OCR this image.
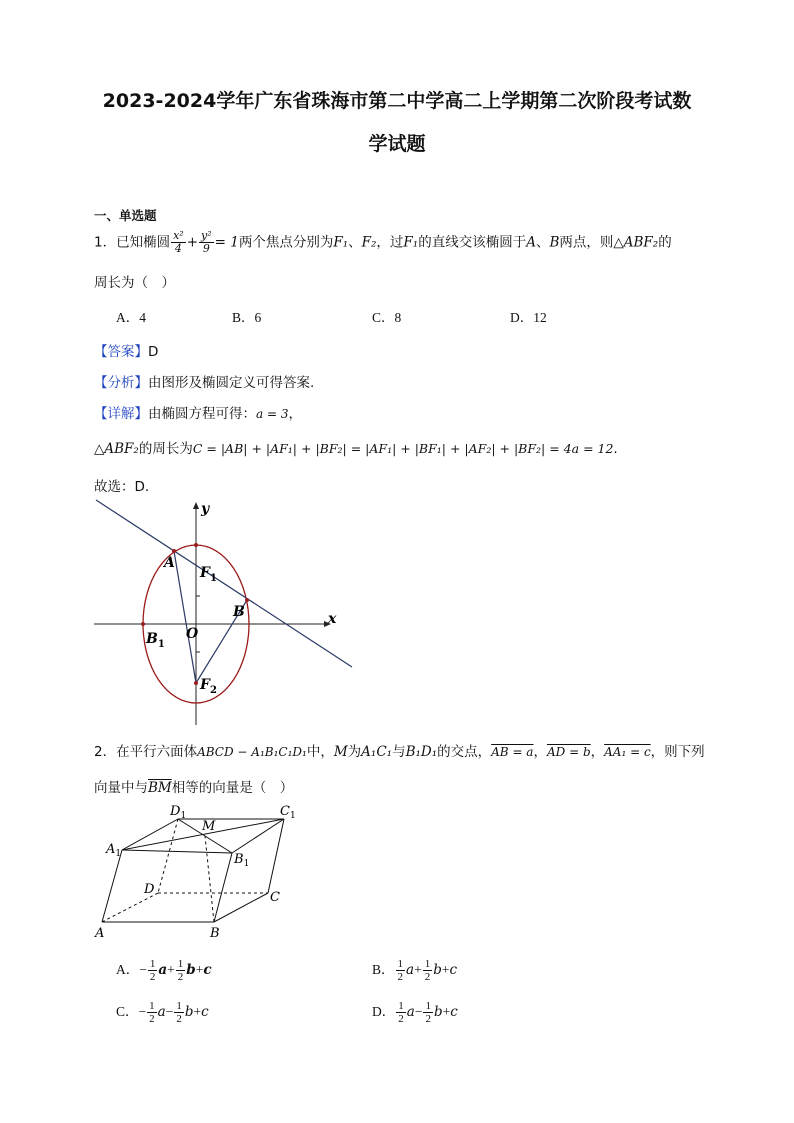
2023-2024学年广东省珠海市第二中学高二上学期第二次阶段考试数
学试题
一、单选题
1．已知椭圆 $\frac{\text{x²}}{4} + \frac{\text{y²}}{9} = 1$两个焦点分别为F₁、F₂，过F₁的直线交该椭圆于A、B两点，则△ABF₂的
周长为（　）
A．4	B．6	C．8	D．12
【答案】D
【分析】由图形及椭圆定义可得答案.
【详解】由椭圆方程可得：a = 3，
△ABF₂的周长为C = |AB| + |AF₁| + |BF₂| = |AF₁| + |BF₁| + |AF₂| + |BF₂| = 4a = 12.
故选：D.
y
x
A
$F_1$
B
$B_1$
O
$F_2$
2．在平行六面体ABCD − A₁B₁C₁D₁中，M为A₁C₁与B₁D₁的交点，AB = a，AD = b，AA₁ = c，则下列
向量中与$\overline{BM}$相等的向量是（　）
$D_1$
M
$C_1$
$A_1$	$B_1$
D
C
A	B
A．− $\frac{1}{2} a+ \frac{1}{2} b+c$	B． $\frac{1}{2} a+ \frac{1}{2} b+c$
C．− $\frac{1}{2} a- \frac{1}{2} b+c$	D． $\frac{1}{2} a- \frac{1}{2} b+c$
